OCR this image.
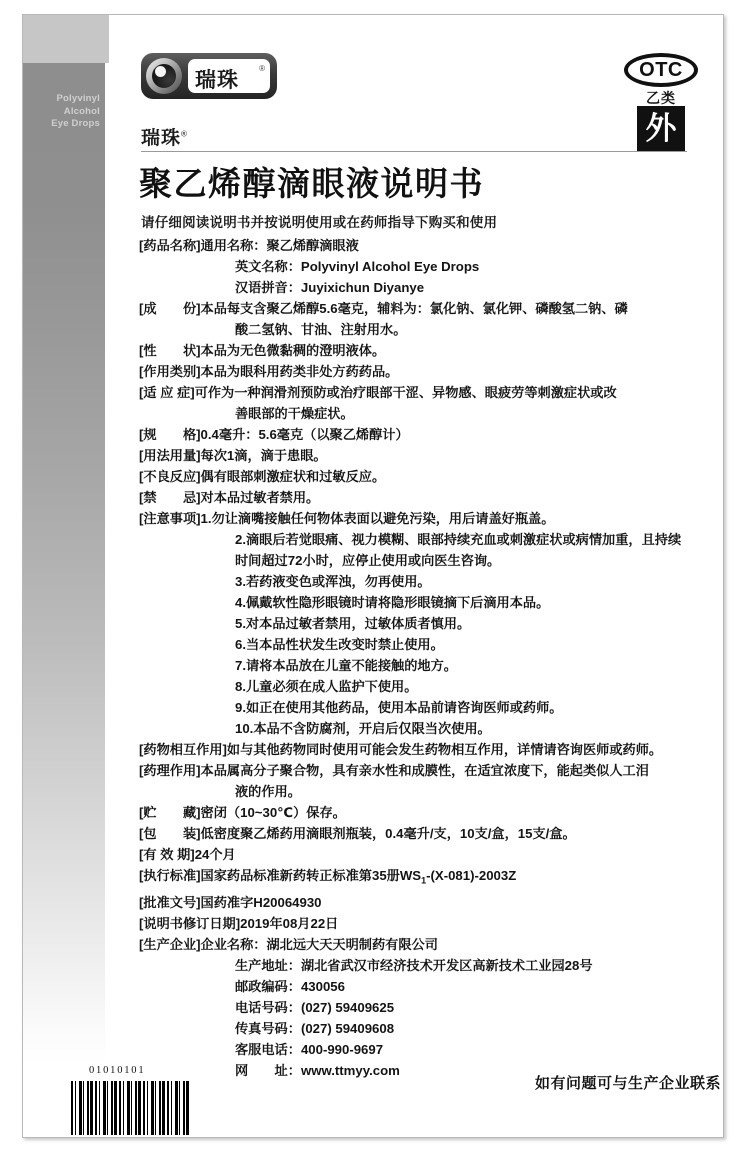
Polyvinyl
Alcohol
Eye Drops
瑞珠
®	OTC
乙类
外
瑞珠®
聚乙烯醇滴眼液说明书
请仔细阅读说明书并按说明使用或在药师指导下购买和使用
[药品名称] 通用名称：聚乙烯醇滴眼液
英文名称：Polyvinyl Alcohol Eye Drops
汉语拼音：Juyixichun Diyanye
[成　　份] 本品每支含聚乙烯醇5.6毫克，辅料为：氯化钠、氯化钾、磷酸氢二钠、磷
酸二氢钠、甘油、注射用水。
[性　　状] 本品为无色微黏稠的澄明液体。
[作用类别] 本品为眼科用药类非处方药药品。
[适 应 症] 可作为一种润滑剂预防或治疗眼部干涩、异物感、眼疲劳等刺激症状或改
善眼部的干燥症状。
[规　　格] 0.4毫升：5.6毫克（以聚乙烯醇计）
[用法用量] 每次1滴，滴于患眼。
[不良反应] 偶有眼部刺激症状和过敏反应。
[禁　　忌] 对本品过敏者禁用。
[注意事项] 1.勿让滴嘴接触任何物体表面以避免污染，用后请盖好瓶盖。
2.滴眼后若觉眼痛、视力模糊、眼部持续充血或刺激症状或病情加重，且持续
时间超过72小时，应停止使用或向医生咨询。
3.若药液变色或浑浊，勿再使用。
4.佩戴软性隐形眼镜时请将隐形眼镜摘下后滴用本品。
5.对本品过敏者禁用，过敏体质者慎用。
6.当本品性状发生改变时禁止使用。
7.请将本品放在儿童不能接触的地方。
8.儿童必须在成人监护下使用。
9.如正在使用其他药品，使用本品前请咨询医师或药师。
10.本品不含防腐剂，开启后仅限当次使用。
[药物相互作用] 如与其他药物同时使用可能会发生药物相互作用，详情请咨询医师或药师。
[药理作用] 本品属高分子聚合物，具有亲水性和成膜性，在适宜浓度下，能起类似人工泪
液的作用。
[贮　　藏] 密闭（10~30℃）保存。
[包　　装] 低密度聚乙烯药用滴眼剂瓶装，0.4毫升/支，10支/盒，15支/盒。
[有 效 期] 24个月
[执行标准] 国家药品标准新药转正标准第35册$WS_1-(X-081)-2003Z$
[批准文号] 国药准字H20064930
[说明书修订日期] 2019年08月22日
[生产企业] 企业名称：湖北远大天天明制药有限公司
生产地址： 湖北省武汉市经济技术开发区高新技术工业园28号
邮政编码： 430056
电话号码： (027) 59409625
传真号码： (027) 59409608
客服电话： 400-990-9697
网　　址： www.ttmyy.com
01010101
如有问题可与生产企业联系
